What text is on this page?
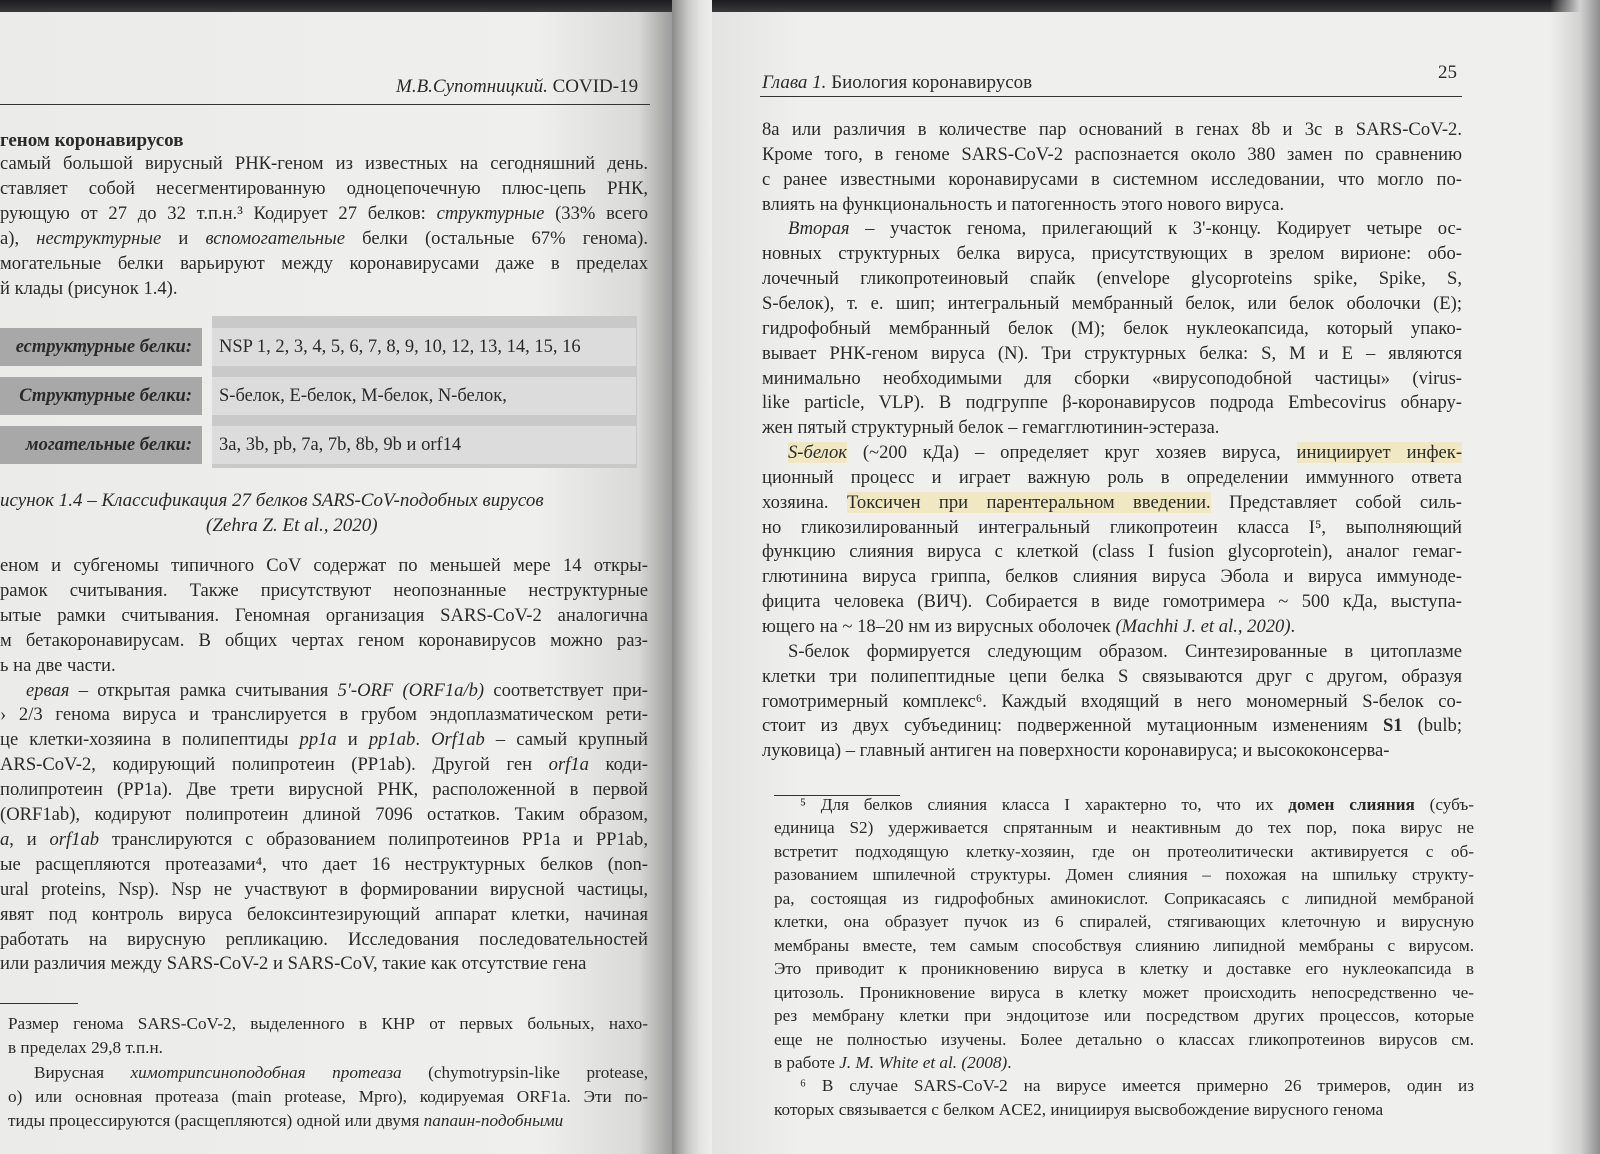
М.В.Супотницкий. COVID-19
геном коронавирусов
самый большой вирусный РНК-геном из известных на сегодняшний день.
ставляет собой несегментированную одноцепочечную плюс-цепь РНК,
рующую от 27 до 32 т.п.н.³ Кодирует 27 белков: структурные (33% всего
а), неструктурные и вспомогательные белки (остальные 67% генома).
могательные белки варьируют между коронавирусами даже в пределах
й клады (рисунок 1.4).
еструктурные белки:	NSP 1, 2, 3, 4, 5, 6, 7, 8, 9, 10, 12, 13, 14, 15, 16
Структурные белки:	S-белок, E-белок, M-белок, N-белок,
могательные белки:	3a, 3b, pb, 7a, 7b, 8b, 9b и orf14
исунок 1.4 – Классификация 27 белков SARS-CoV-подобных вирусов
(Zehra Z. Et al., 2020)
еном и субгеномы типичного CoV содержат по меньшей мере 14 откры-
рамок считывания. Также присутствуют неопознанные неструктурные
ытые рамки считывания. Геномная организация SARS-CoV-2 аналогична
м бетакоронавирусам. В общих чертах геном коронавирусов можно раз-
ь на две части.
ервая – открытая рамка считывания 5'-ORF (ORF1a/b) соответствует при-
› 2/3 генома вируса и транслируется в грубом эндоплазматическом рети-
це клетки-хозяина в полипептиды pp1a и pp1ab. Orf1ab – самый крупный
ARS-CoV-2, кодирующий полипротеин (PP1ab). Другой ген orf1a коди-
полипротеин (PP1a). Две трети вирусной РНК, расположенной в первой
(ORF1ab), кодируют полипротеин длиной 7096 остатков. Таким образом,
a, и orf1ab транслируются с образованием полипротеинов PP1a и PP1ab,
ые расщепляются протеазами⁴, что дает 16 неструктурных белков (non-
ural proteins, Nsp). Nsp не участвуют в формировании вирусной частицы,
явят под контроль вируса белоксинтезирующий аппарат клетки, начиная
работать на вирусную репликацию. Исследования последовательностей
или различия между SARS-CoV-2 и SARS-CoV, такие как отсутствие гена
Размер генома SARS-CoV-2, выделенного в КНР от первых больных, нахо-
в пределах 29,8 т.п.н.
Вирусная химотрипсиноподобная протеаза (chymotrypsin-like protease,
о) или основная протеаза (main protease, Mpro), кодируемая ORF1a. Эти по-
тиды процессируются (расщепляются) одной или двумя папаин-подобными
25
Глава 1. Биология коронавирусов
8а или различия в количестве пар оснований в генах 8b и 3c в SARS-CoV-2.
Кроме того, в геноме SARS-CoV-2 распознается около 380 замен по сравнению
с ранее известными коронавирусами в системном исследовании, что могло по-
влиять на функциональность и патогенность этого нового вируса.
Вторая – участок генома, прилегающий к 3'-концу. Кодирует четыре ос-
новных структурных белка вируса, присутствующих в зрелом вирионе: обо-
лочечный гликопротеиновый спайк (envelope glycoproteins spike, Spike, S,
S-белок), т. е. шип; интегральный мембранный белок, или белок оболочки (E);
гидрофобный мембранный белок (M); белок нуклеокапсида, который упако-
вывает РНК-геном вируса (N). Три структурных белка: S, M и E – являются
минимально необходимыми для сборки «вирусоподобной частицы» (virus-
like particle, VLP). В подгруппе β-коронавирусов подрода Embecovirus обнару-
жен пятый структурный белок – гемагглютинин-эстераза.
S-белок (~200 кДа) – определяет круг хозяев вируса, инициирует инфек-
ционный процесс и играет важную роль в определении иммунного ответа
хозяина. Токсичен при парентеральном введении. Представляет собой силь-
но гликозилированный интегральный гликопротеин класса I⁵, выполняющий
функцию слияния вируса с клеткой (class I fusion glycoprotein), аналог гемаг-
глютинина вируса гриппа, белков слияния вируса Эбола и вируса иммуноде-
фицита человека (ВИЧ). Собирается в виде гомотримера ~ 500 кДа, выступа-
ющего на ~ 18–20 нм из вирусных оболочек (Machhi J. et al., 2020).
S-белок формируется следующим образом. Синтезированные в цитоплазме
клетки три полипептидные цепи белка S связываются друг с другом, образуя
гомотримерный комплекс⁶. Каждый входящий в него мономерный S-белок со-
стоит из двух субъединиц: подверженной мутационным изменениям S1 (bulb;
луковица) – главный антиген на поверхности коронавируса; и высококонсерва-
⁵ Для белков слияния класса I характерно то, что их домен слияния (субъ-
единица S2) удерживается спрятанным и неактивным до тех пор, пока вирус не
встретит подходящую клетку-хозяин, где он протеолитически активируется с об-
разованием шпилечной структуры. Домен слияния – похожая на шпильку структу-
ра, состоящая из гидрофобных аминокислот. Соприкасаясь с липидной мембраной
клетки, она образует пучок из 6 спиралей, стягивающих клеточную и вирусную
мембраны вместе, тем самым способствуя слиянию липидной мембраны с вирусом.
Это приводит к проникновению вируса в клетку и доставке его нуклеокапсида в
цитозоль. Проникновение вируса в клетку может происходить непосредственно че-
рез мембрану клетки при эндоцитозе или посредством других процессов, которые
еще не полностью изучены. Более детально о классах гликопротеинов вирусов см.
в работе J. M. White et al. (2008).
⁶ В случае SARS-CoV-2 на вирусе имеется примерно 26 тримеров, один из
которых связывается с белком ACE2, инициируя высвобождение вирусного генома
